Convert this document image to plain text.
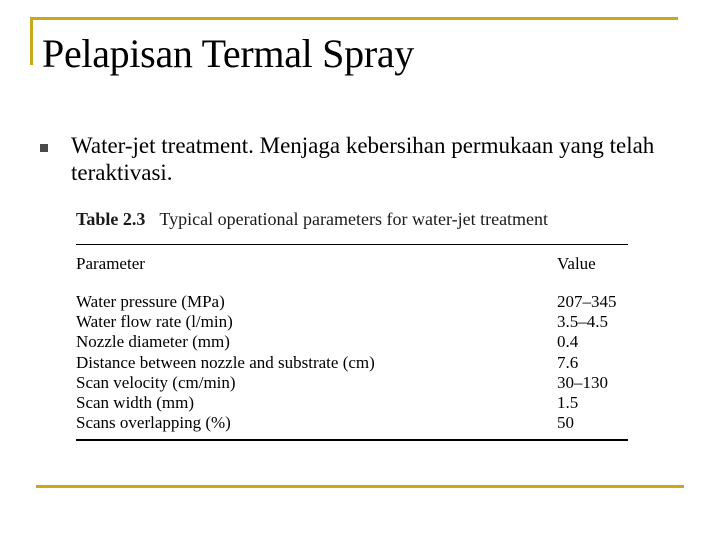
Pelapisan Termal Spray
Water-jet treatment. Menjaga kebersihan permukaan yang telah teraktivasi.
Table 2.3 Typical operational parameters for water-jet treatment
Parameter	Value
Water pressure (MPa)	207–345
Water flow rate (l/min)	3.5–4.5
Nozzle diameter (mm)	0.4
Distance between nozzle and substrate (cm)	7.6
Scan velocity (cm/min)	30–130
Scan width (mm)	1.5
Scans overlapping (%)	50
